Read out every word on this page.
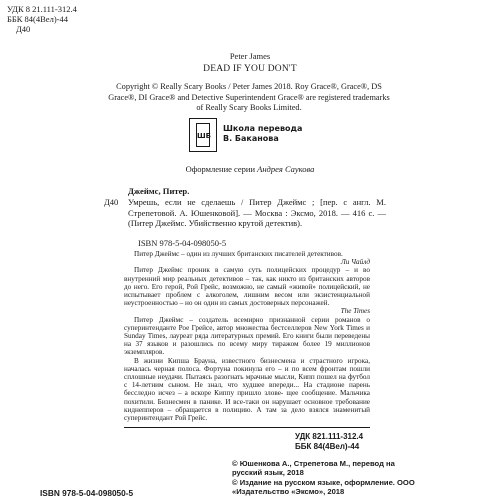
УДК 8 21.111-312.4
ББК 84(4Вел)-44
Д40
Peter James
DEAD IF YOU DON'T
Copyright © Really Scary Books / Peter James 2018. Roy Grace®, Grace®, DS Grace®, DI Grace® and Detective Superintendent Grace® are registered trademarks of Really Scary Books Limited.
ШБ
Школа перевода
В. Баканова
Оформление серии Андрея Саукова
Джеймс, Питер.
Д40 Умрешь, если не сделаешь / Питер Джеймс ; [пер. с англ. М. Стрепетовой. А. Юшенковой]. — Москва : Эксмо, 2018. — 416 с. — (Питер Джеймс. Убийственно крутой детектив).
ISBN 978-5-04-098050-5

Питер Джеймс – один из лучших британских писателей детективов.

Ли Чайлд

Питер Джеймс проник в самую суть полицейских процедур – и во внутренний мир реальных детективов – так, как никто из британских авторов до него. Его герой, Рой Грейс, возможно, не самый «живой» полицейский, не испытывает проблем с алкоголем, лишним весом или экзистенциальной неустроенностью – но он один из самых достоверных персонажей.

The Times

Питер Джеймс – создатель всемирно признанной серии романов о суперинтенданте Рое Грейсе, автор множества бестселлеров New York Times и Sunday Times, лауреат ряда литературных премий. Его книги были переведены на 37 языков и разошлись по всему миру тиражом более 19 миллионов экземпляров.

В жизни Кипша Брауна, известного бизнесмена и страстного игрока, началась черная полоса. Фортуна покинула его – и по всем фронтам пошли сплошные неудачи. Пытаясь разогнать мрачные мысли, Кипп пошел на футбол с 14-летним сыном. Не знал, что худшее впереди... На стадионе парень бесследно исчез – а вскоре Киппу пришло злове- щее сообщение. Мальчика похитили. Бизнесмен в панике. И все-таки он нарушает основное требование киднепперов – обращается в полицию. А там за дело взялся знаменитый суперинтендант Рой Грейс.

УДК 821.111-312.4
ББК 84(4Вел)-44
ISBN 978-5-04-098050-5
© Юшенкова А., Стрепетова М., перевод на русский язык, 2018
© Издание на русском языке, оформление. ООО «Издательство «Эксмо», 2018
